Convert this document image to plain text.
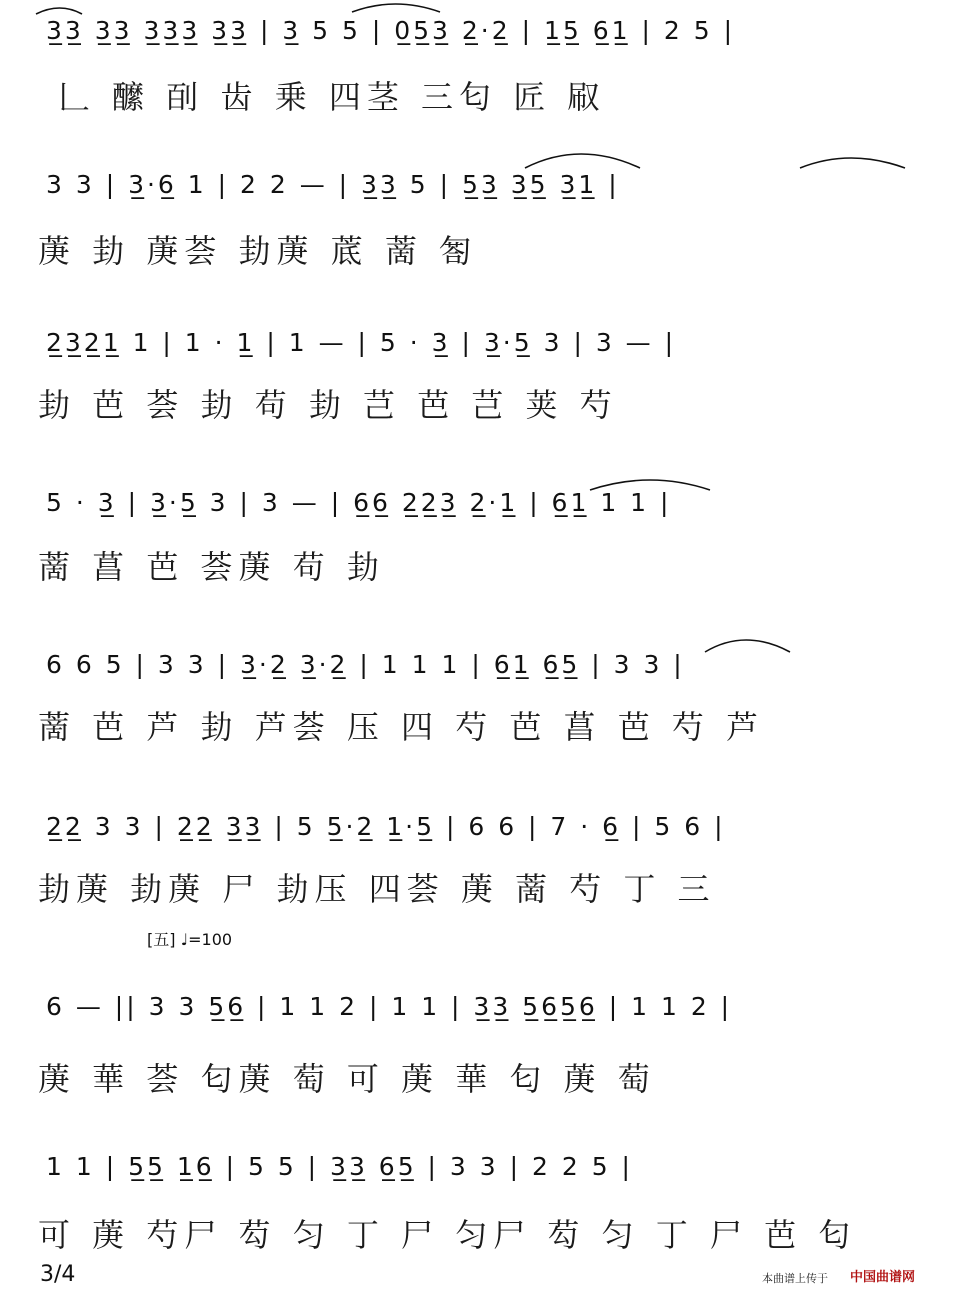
3̲3̲ 3̲3̲ 3̲3̲3̲ 3̲3̲ | 3̲ 5 5 | 0̲5̲3̲ 2̲·2̲ | 1̲5̲ 6̲1̲ | 2 5 |
𠃊 醿 㓦 齿 乗 四茎 三匂 匠 㕞
3 3 | 3̲·6̲ 1 | 2 2 — | 3̲3̲ 5 | 5̲3̲ 3̲5̲ 3̲1̲ |
菮 劸 菮荟 劸菮 菧 蔐 匒
2̲3̲2̲1̲ 1 | 1 · 1̲ | 1 — | 5 · 3̲ | 3̲·5̲ 3 | 3 — |
劸 芭 荟 劸 苟 劸 芑 芭 芑 荚 芍
5 · 3̲ | 3̲·5̲ 3 | 3 — | 6̲6̲ 2̲2̲3̲ 2̲·1̲ | 6̲1̲ 1 1 |
蔐 菖 芭 荟菮 苟 劸
6 6 5 | 3 3 | 3̲·2̲ 3̲·2̲ | 1 1 1 | 6̲1̲ 6̲5̲ | 3 3 |
蔐 芭 芦 劸 芦荟 压 四 芍 芭 菖 芭 芍 芦
2̲2̲ 3 3 | 2̲2̲ 3̲3̲ | 5 5̲·2̲ 1̲·5̲ | 6 6 | 7 · 6̲ | 5 6 |
劸菮 劸菮 尸 劸压 四荟 菮 蔐 芍 丁 三
[五] ♩=100
6 — || 3 3 5̲6̲ | 1 1 2 | 1 1 | 3̲3̲ 5̲6̲5̲6̲ | 1 1 2 |
菮 華 荟 匂菮 萄 可 菮 華 匂 菮 萄
1 1 | 5̲5̲ 1̲6̲ | 5 5 | 3̲3̲ 6̲5̲ | 3 3 | 2 2 5 |
可 菮 芍尸 芶 匀 丁 尸 匀尸 芶 匀 丁 尸 芭 匂
3/4	本曲谱上传于 中国曲谱网
